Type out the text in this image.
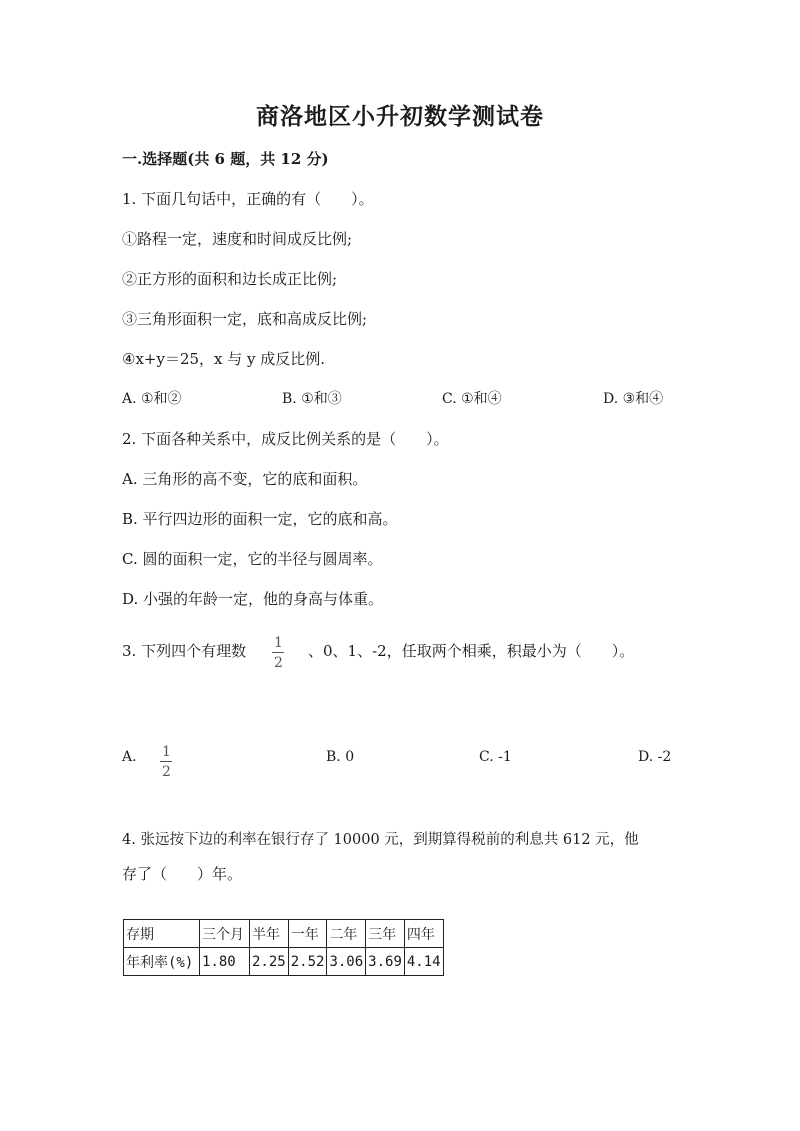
商洛地区小升初数学测试卷
一.选择题(共 6 题，共 12 分)
1. 下面几句话中，正确的有（　　）。
①路程一定，速度和时间成反比例;
②正方形的面积和边长成正比例;
③三角形面积一定，底和高成反比例;
④x+y＝25，x 与 y 成反比例.
A. ①和②	B. ①和③	C. ①和④	D. ③和④
2. 下面各种关系中，成反比例关系的是（　　）。
A. 三角形的高不变，它的底和面积。
B. 平行四边形的面积一定，它的底和高。
C. 圆的面积一定，它的半径与圆周率。
D. 小强的年龄一定，他的身高与体重。
3. 下列四个有理数 $\frac{1}{2}$ 、0、1、-2，任取两个相乘，积最小为（　　）。
A. $\frac{1}{2}$	B. 0	C. -1	D. -2
4. 张远按下边的利率在银行存了 10000 元，到期算得税前的利息共 612 元，他
存了（　　）年。
存期	三个月	半年	一年	二年	三年	四年
年利率(%)	1.80	2.25	2.52	3.06	3.69	4.14
